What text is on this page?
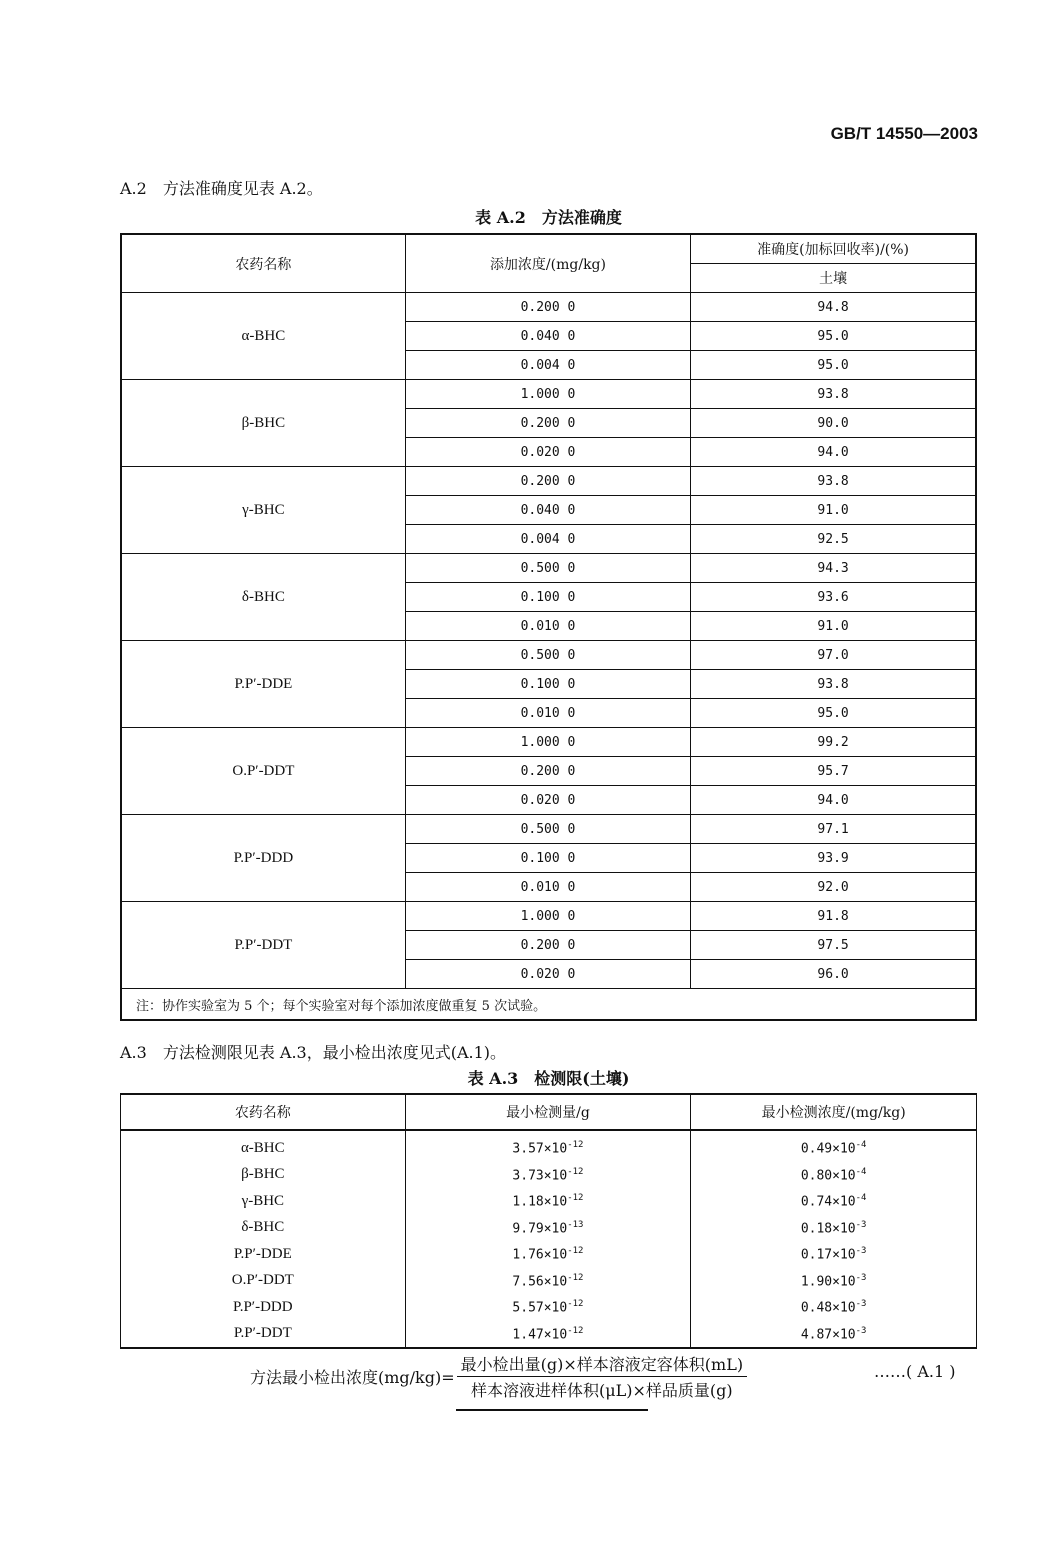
GB/T 14550—2003
A.2　方法准确度见表 A.2。
表 A.2　方法准确度
农药名称	添加浓度/(mg/kg)	准确度(加标回收率)/(%)
		土壤
α-BHC	0.200 0	94.8
	0.040 0	95.0
	0.004 0	95.0
β-BHC	1.000 0	93.8
	0.200 0	90.0
	0.020 0	94.0
γ-BHC	0.200 0	93.8
	0.040 0	91.0
	0.004 0	92.5
δ-BHC	0.500 0	94.3
	0.100 0	93.6
	0.010 0	91.0
P.P′-DDE	0.500 0	97.0
	0.100 0	93.8
	0.010 0	95.0
O.P′-DDT	1.000 0	99.2
	0.200 0	95.7
	0.020 0	94.0
P.P′-DDD	0.500 0	97.1
	0.100 0	93.9
	0.010 0	92.0
P.P′-DDT	1.000 0	91.8
	0.200 0	97.5
	0.020 0	96.0
注：协作实验室为 5 个；每个实验室对每个添加浓度做重复 5 次试验。		
A.3　方法检测限见表 A.3，最小检出浓度见式(A.1)。
表 A.3　检测限(土壤)
农药名称	最小检测量/g	最小检测浓度/(mg/kg)
α-BHC	$3.57\times 10^{-12}$	$0.49\times 10^{-4}$
β-BHC	$3.73\times 10^{-12}$	$0.80\times 10^{-4}$
γ-BHC	$1.18\times 10^{-12}$	$0.74\times 10^{-4}$
δ-BHC	$9.79\times 10^{-13}$	$0.18\times 10^{-3}$
P.P′-DDE	$1.76\times 10^{-12}$	$0.17\times 10^{-3}$
O.P′-DDT	$7.56\times 10^{-12}$	$1.90\times 10^{-3}$
P.P′-DDD	$5.57\times 10^{-12}$	$0.48\times 10^{-3}$
P.P′-DDT	$1.47\times 10^{-12}$	$4.87\times 10^{-3}$
方法最小检出浓度$(mg/kg)= \frac{\text{最小检出量(g)×样本溶液定容体积(mL)}}{\text{样本溶液进样体积(μL)×样品质量(g)}}$	……( A.1 )
